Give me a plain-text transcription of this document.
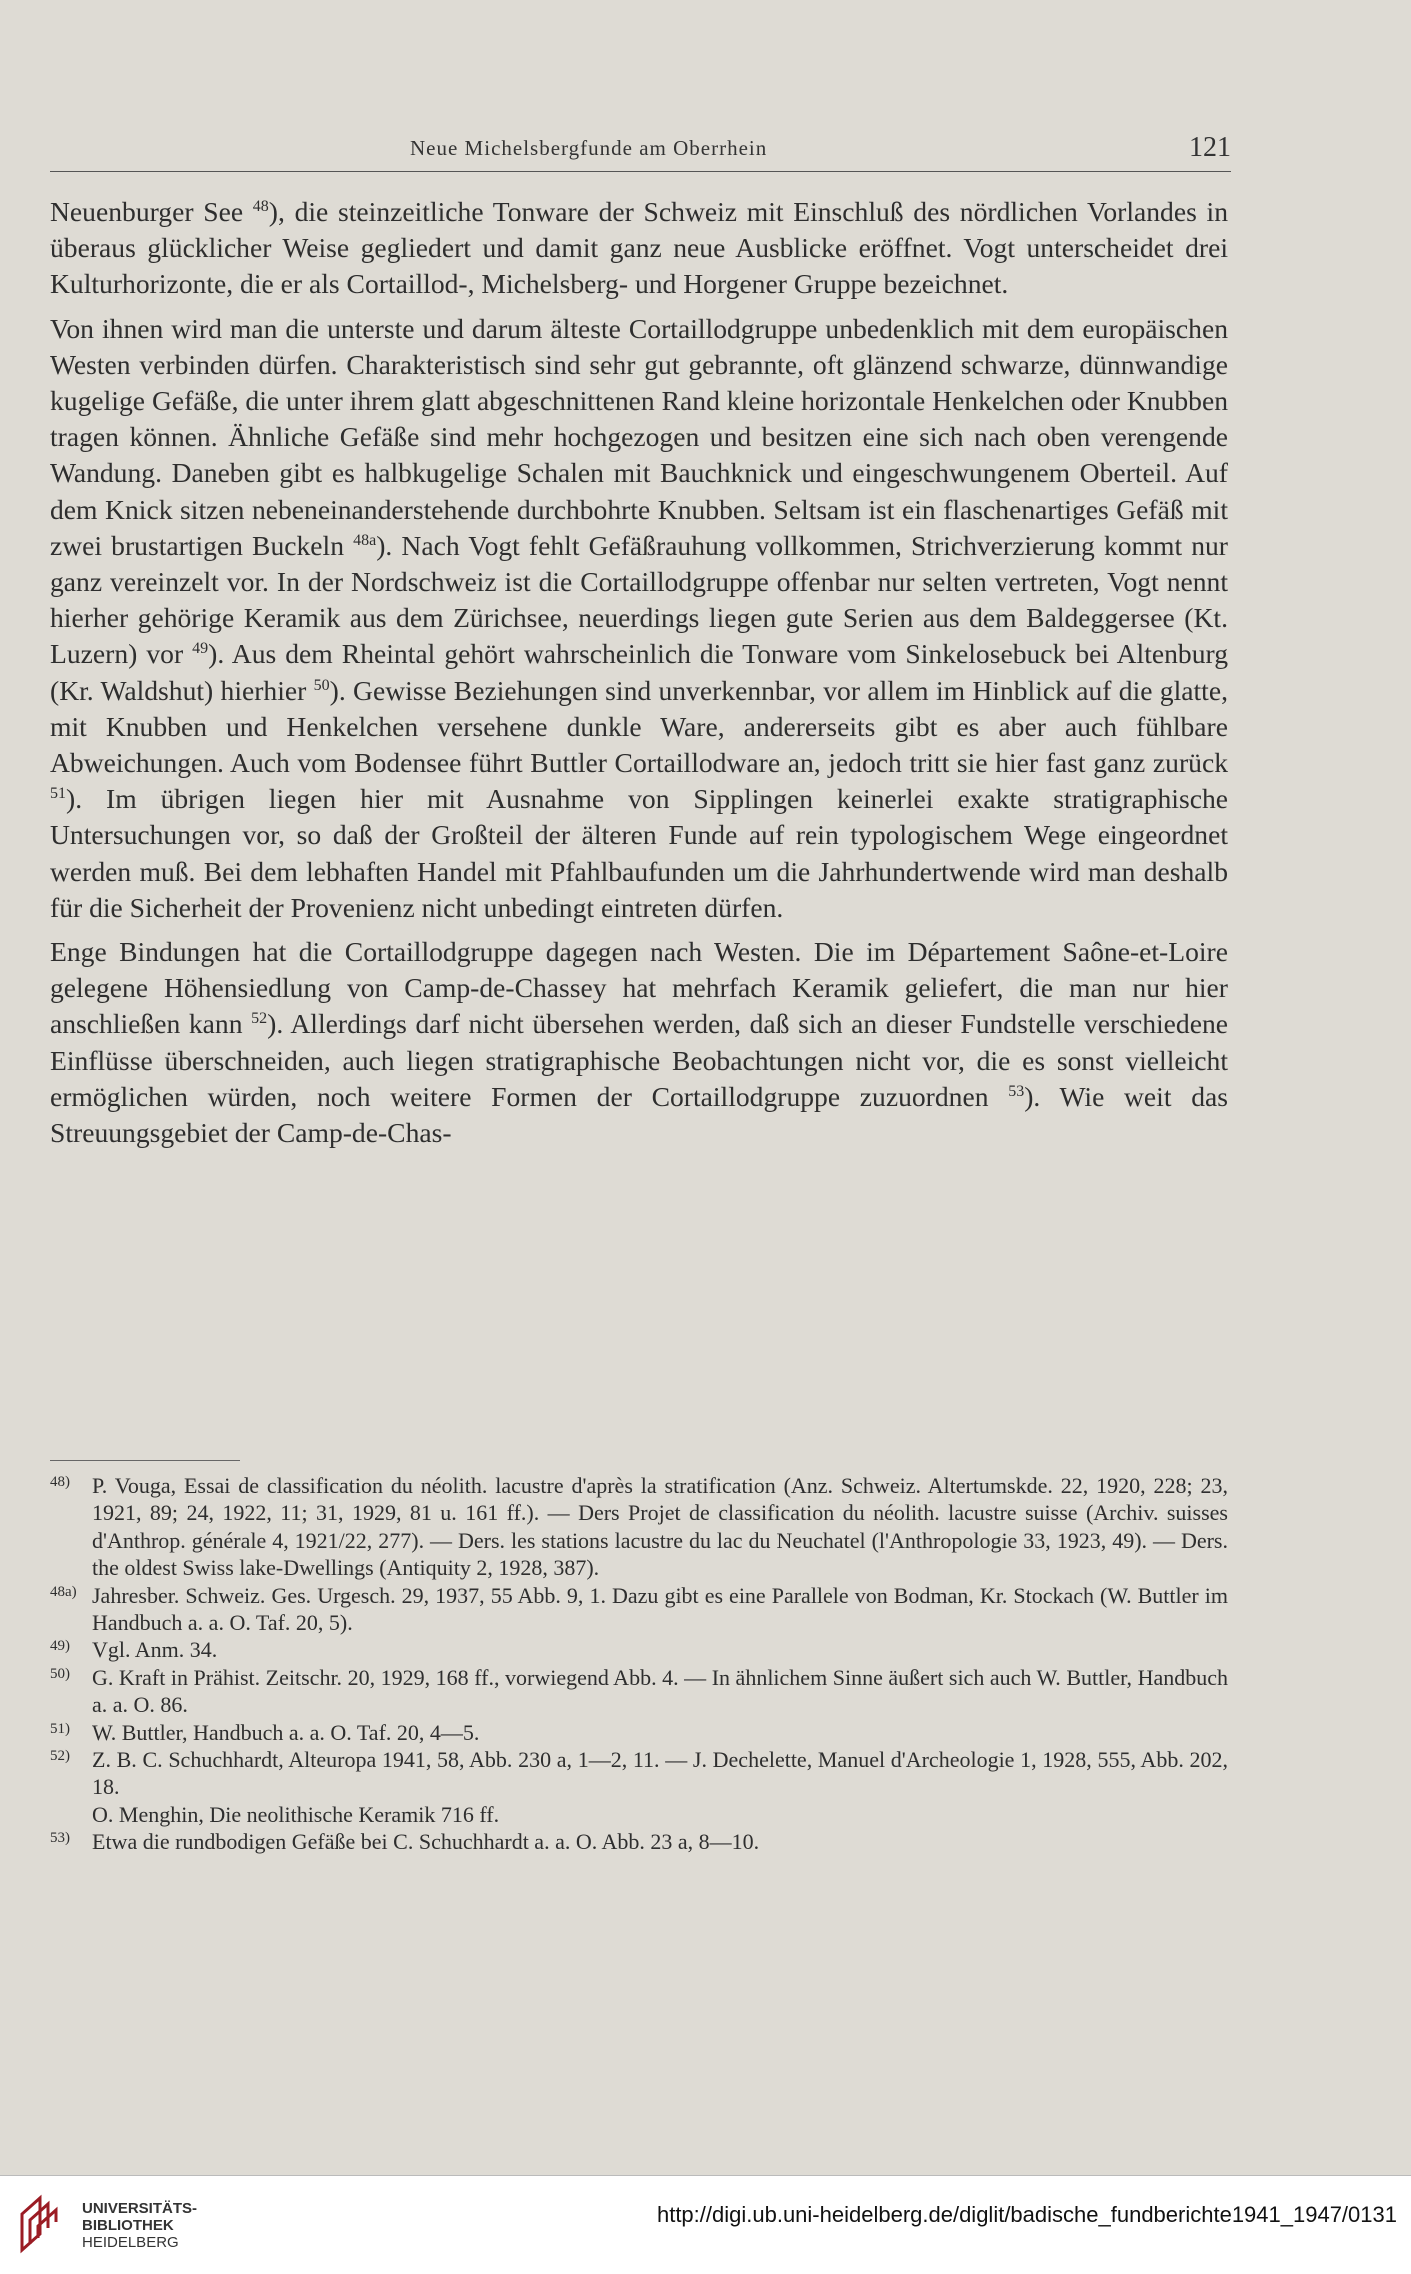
Neue Michelsbergfunde am Oberrhein	121

Neuenburger See $^{48}$), die steinzeitliche Tonware der Schweiz mit Einschluß des nördlichen Vorlandes in überaus glücklicher Weise gegliedert und damit ganz neue Ausblicke eröffnet. Vogt unterscheidet drei Kulturhorizonte, die er als Cortaillod-, Michelsberg- und Horgener Gruppe bezeichnet.

Von ihnen wird man die unterste und darum älteste Cortaillodgruppe unbedenklich mit dem europäischen Westen verbinden dürfen. Charakteristisch sind sehr gut gebrannte, oft glänzend schwarze, dünnwandige kugelige Gefäße, die unter ihrem glatt abgeschnittenen Rand kleine horizontale Henkelchen oder Knubben tragen können. Ähnliche Gefäße sind mehr hochgezogen und besitzen eine sich nach oben verengende Wandung. Daneben gibt es halbkugelige Schalen mit Bauchknick und eingeschwungenem Oberteil. Auf dem Knick sitzen nebeneinanderstehende durchbohrte Knubben. Seltsam ist ein flaschenartiges Gefäß mit zwei brustartigen Buckeln $^{48a}$). Nach Vogt fehlt Gefäßrauhung vollkommen, Strichverzierung kommt nur ganz vereinzelt vor. In der Nordschweiz ist die Cortaillodgruppe offenbar nur selten vertreten, Vogt nennt hierher gehörige Keramik aus dem Zürichsee, neuerdings liegen gute Serien aus dem Baldeggersee (Kt. Luzern) vor $^{49}$). Aus dem Rheintal gehört wahrscheinlich die Tonware vom Sinkelosebuck bei Altenburg (Kr. Waldshut) hierhier $^{50}$). Gewisse Beziehungen sind unverkennbar, vor allem im Hinblick auf die glatte, mit Knubben und Henkelchen versehene dunkle Ware, andererseits gibt es aber auch fühlbare Abweichungen. Auch vom Bodensee führt Buttler Cortaillodware an, jedoch tritt sie hier fast ganz zurück $^{51}$). Im übrigen liegen hier mit Ausnahme von Sipplingen keinerlei exakte stratigraphische Untersuchungen vor, so daß der Großteil der älteren Funde auf rein typologischem Wege eingeordnet werden muß. Bei dem lebhaften Handel mit Pfahlbaufunden um die Jahrhundertwende wird man deshalb für die Sicherheit der Provenienz nicht unbedingt eintreten dürfen.

Enge Bindungen hat die Cortaillodgruppe dagegen nach Westen. Die im Département Saône-et-Loire gelegene Höhensiedlung von Camp-de-Chassey hat mehrfach Keramik geliefert, die man nur hier anschließen kann $^{52}$). Allerdings darf nicht übersehen werden, daß sich an dieser Fundstelle verschiedene Einflüsse überschneiden, auch liegen stratigraphische Beobachtungen nicht vor, die es sonst vielleicht ermöglichen würden, noch weitere Formen der Cortaillodgruppe zuzuordnen $^{53}$). Wie weit das Streuungsgebiet der Camp-de-Chas-

48) P. Vouga, Essai de classification du néolith. lacustre d'après la stratification (Anz. Schweiz. Altertumskde. 22, 1920, 228; 23, 1921, 89; 24, 1922, 11; 31, 1929, 81 u. 161 ff.). — Ders Projet de classification du néolith. lacustre suisse (Archiv. suisses d'Anthrop. générale 4, 1921/22, 277). — Ders. les stations lacustre du lac du Neuchatel (l'Anthropologie 33, 1923, 49). — Ders. the oldest Swiss lake-Dwellings (Antiquity 2, 1928, 387).
48a) Jahresber. Schweiz. Ges. Urgesch. 29, 1937, 55 Abb. 9, 1. Dazu gibt es eine Parallele von Bodman, Kr. Stockach (W. Buttler im Handbuch a. a. O. Taf. 20, 5).
49) Vgl. Anm. 34.
50) G. Kraft in Prähist. Zeitschr. 20, 1929, 168 ff., vorwiegend Abb. 4. — In ähnlichem Sinne äußert sich auch W. Buttler, Handbuch a. a. O. 86.
51) W. Buttler, Handbuch a. a. O. Taf. 20, 4—5.
52) Z. B. C. Schuchhardt, Alteuropa 1941, 58, Abb. 230 a, 1—2, 11. — J. Dechelette, Manuel d'Archeologie 1, 1928, 555, Abb. 202, 18.
O. Menghin, Die neolithische Keramik 716 ff.
53) Etwa die rundbodigen Gefäße bei C. Schuchhardt a. a. O. Abb. 23 a, 8—10.
UNIVERSITÄTS-
BIBLIOTHEK
HEIDELBERG
http://digi.ub.uni-heidelberg.de/diglit/badische_fundberichte1941_1947/0131
